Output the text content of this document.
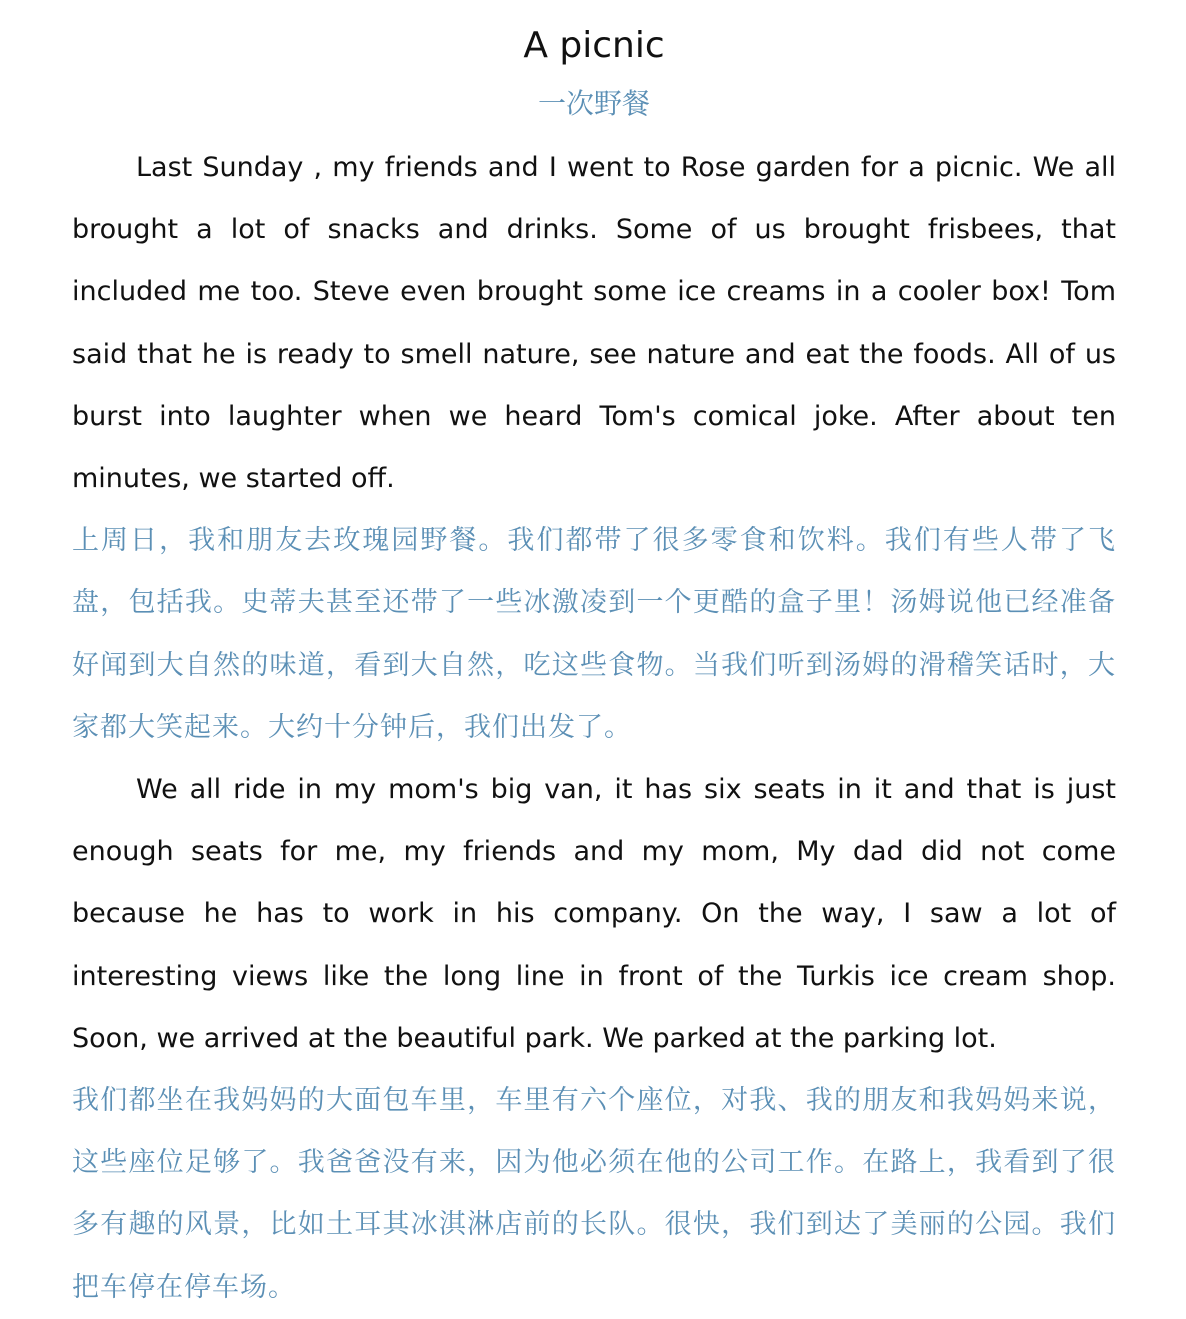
A picnic
一次野餐

Last Sunday , my friends and I went to Rose garden for a picnic. We all brought a lot of snacks and drinks. Some of us brought frisbees, that included me too. Steve even brought some ice creams in a cooler box! Tom said that he is ready to smell nature, see nature and eat the foods. All of us burst into laughter when we heard Tom's comical joke. After about ten minutes, we started off.

上周日，我和朋友去玫瑰园野餐。我们都带了很多零食和饮料。我们有些人带了飞盘，包括我。史蒂夫甚至还带了一些冰激凌到一个更酷的盒子里！汤姆说他已经准备好闻到大自然的味道，看到大自然，吃这些食物。当我们听到汤姆的滑稽笑话时，大家都大笑起来。大约十分钟后，我们出发了。

We all ride in my mom's big van, it has six seats in it and that is just enough seats for me, my friends and my mom, My dad did not come because he has to work in his company. On the way, I saw a lot of interesting views like the long line in front of the Turkis ice cream shop. Soon, we arrived at the beautiful park. We parked at the parking lot.

我们都坐在我妈妈的大面包车里，车里有六个座位，对我、我的朋友和我妈妈来说，这些座位足够了。我爸爸没有来，因为他必须在他的公司工作。在路上，我看到了很多有趣的风景，比如土耳其冰淇淋店前的长队。很快，我们到达了美丽的公园。我们把车停在停车场。
